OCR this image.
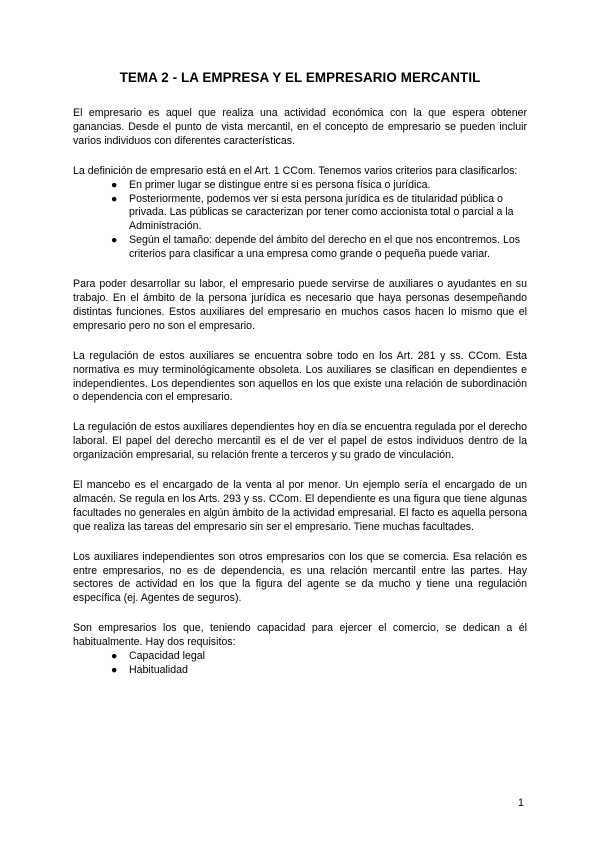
TEMA 2 - LA EMPRESA Y EL EMPRESARIO MERCANTIL

El empresario es aquel que realiza una actividad económica con la que espera obtener ganancias. Desde el punto de vista mercantil, en el concepto de empresario se pueden incluir varios individuos con diferentes características.

La definición de empresario está en el Art. 1 CCom. Tenemos varios criterios para clasificarlos:

● En primer lugar se distingue entre si es persona física o jurídica.
● Posteriormente, podemos ver si esta persona jurídica es de titularidad pública o privada. Las públicas se caracterizan por tener como accionista total o parcial a la Administración.
● Según el tamaño: depende del ámbito del derecho en el que nos encontremos. Los criterios para clasificar a una empresa como grande o pequeña puede variar.

Para poder desarrollar su labor, el empresario puede servirse de auxiliares o ayudantes en su trabajo. En el ámbito de la persona jurídica es necesario que haya personas desempeñando distintas funciones. Estos auxiliares del empresario en muchos casos hacen lo mismo que el empresario pero no son el empresario.

La regulación de estos auxiliares se encuentra sobre todo en los Art. 281 y ss. CCom. Esta normativa es muy terminológicamente obsoleta. Los auxiliares se clasifican en dependientes e independientes. Los dependientes son aquellos en los que existe una relación de subordinación o dependencia con el empresario.

La regulación de estos auxiliares dependientes hoy en día se encuentra regulada por el derecho laboral. El papel del derecho mercantil es el de ver el papel de estos individuos dentro de la organización empresarial, su relación frente a terceros y su grado de vinculación.

El mancebo es el encargado de la venta al por menor. Un ejemplo sería el encargado de un almacén. Se regula en los Arts. 293 y ss. CCom. El dependiente es una figura que tiene algunas facultades no generales en algún ámbito de la actividad empresarial. El facto es aquella persona que realiza las tareas del empresario sin ser el empresario. Tiene muchas facultades.

Los auxiliares independientes son otros empresarios con los que se comercia. Esa relación es entre empresarios, no es de dependencia, es una relación mercantil entre las partes. Hay sectores de actividad en los que la figura del agente se da mucho y tiene una regulación específica (ej. Agentes de seguros).

Son empresarios los que, teniendo capacidad para ejercer el comercio, se dedican a él habitualmente. Hay dos requisitos:

● Capacidad legal
● Habitualidad
1
